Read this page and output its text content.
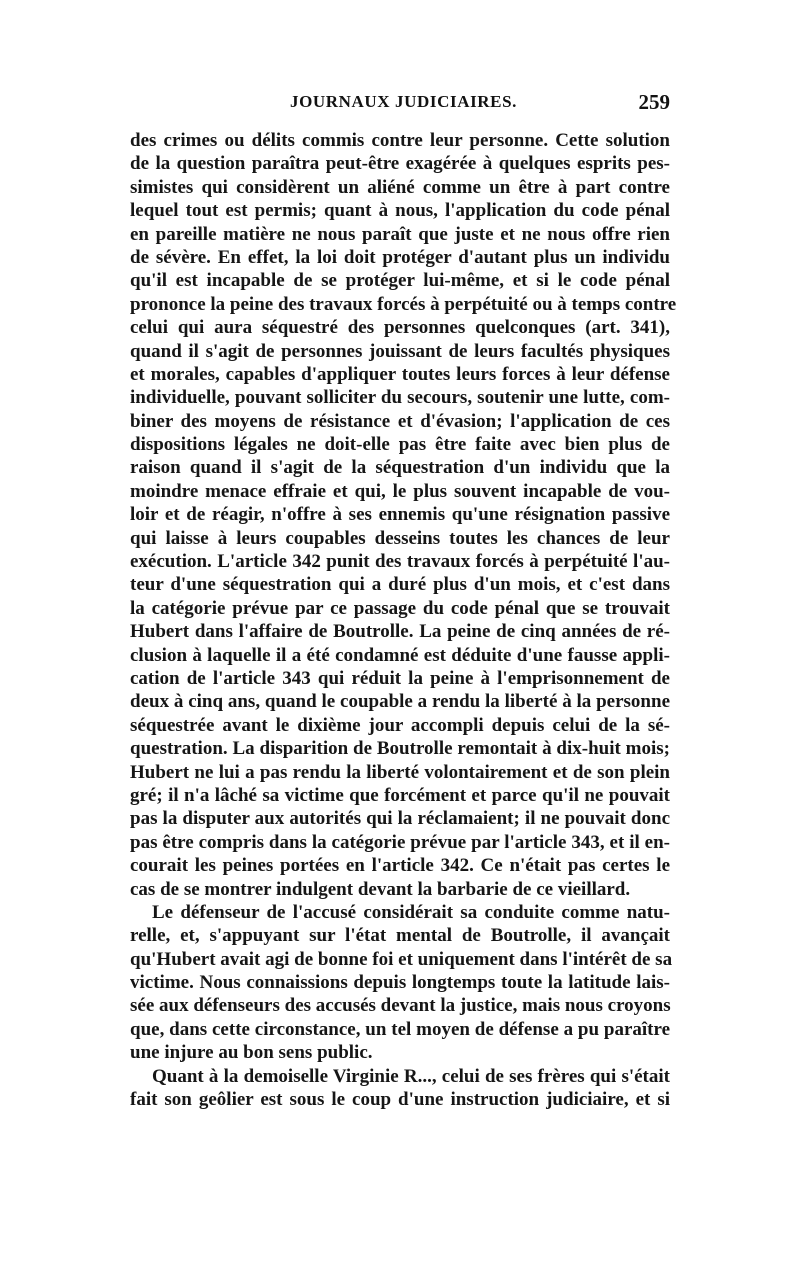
JOURNAUX JUDICIAIRES.	259
des crimes ou délits commis contre leur personne. Cette solution
de la question paraîtra peut-être exagérée à quelques esprits pes-
simistes qui considèrent un aliéné comme un être à part contre
lequel tout est permis; quant à nous, l'application du code pénal
en pareille matière ne nous paraît que juste et ne nous offre rien
de sévère. En effet, la loi doit protéger d'autant plus un individu
qu'il est incapable de se protéger lui-même, et si le code pénal
prononce la peine des travaux forcés à perpétuité ou à temps contre
celui qui aura séquestré des personnes quelconques (art. 341),
quand il s'agit de personnes jouissant de leurs facultés physiques
et morales, capables d'appliquer toutes leurs forces à leur défense
individuelle, pouvant solliciter du secours, soutenir une lutte, com-
biner des moyens de résistance et d'évasion; l'application de ces
dispositions légales ne doit-elle pas être faite avec bien plus de
raison quand il s'agit de la séquestration d'un individu que la
moindre menace effraie et qui, le plus souvent incapable de vou-
loir et de réagir, n'offre à ses ennemis qu'une résignation passive
qui laisse à leurs coupables desseins toutes les chances de leur
exécution. L'article 342 punit des travaux forcés à perpétuité l'au-
teur d'une séquestration qui a duré plus d'un mois, et c'est dans
la catégorie prévue par ce passage du code pénal que se trouvait
Hubert dans l'affaire de Boutrolle. La peine de cinq années de ré-
clusion à laquelle il a été condamné est déduite d'une fausse appli-
cation de l'article 343 qui réduit la peine à l'emprisonnement de
deux à cinq ans, quand le coupable a rendu la liberté à la personne
séquestrée avant le dixième jour accompli depuis celui de la sé-
questration. La disparition de Boutrolle remontait à dix-huit mois;
Hubert ne lui a pas rendu la liberté volontairement et de son plein
gré; il n'a lâché sa victime que forcément et parce qu'il ne pouvait
pas la disputer aux autorités qui la réclamaient; il ne pouvait donc
pas être compris dans la catégorie prévue par l'article 343, et il en-
courait les peines portées en l'article 342. Ce n'était pas certes le
cas de se montrer indulgent devant la barbarie de ce vieillard.
Le défenseur de l'accusé considérait sa conduite comme natu-
relle, et, s'appuyant sur l'état mental de Boutrolle, il avançait
qu'Hubert avait agi de bonne foi et uniquement dans l'intérêt de sa
victime. Nous connaissions depuis longtemps toute la latitude lais-
sée aux défenseurs des accusés devant la justice, mais nous croyons
que, dans cette circonstance, un tel moyen de défense a pu paraître
une injure au bon sens public.
Quant à la demoiselle Virginie R..., celui de ses frères qui s'était
fait son geôlier est sous le coup d'une instruction judiciaire, et si
